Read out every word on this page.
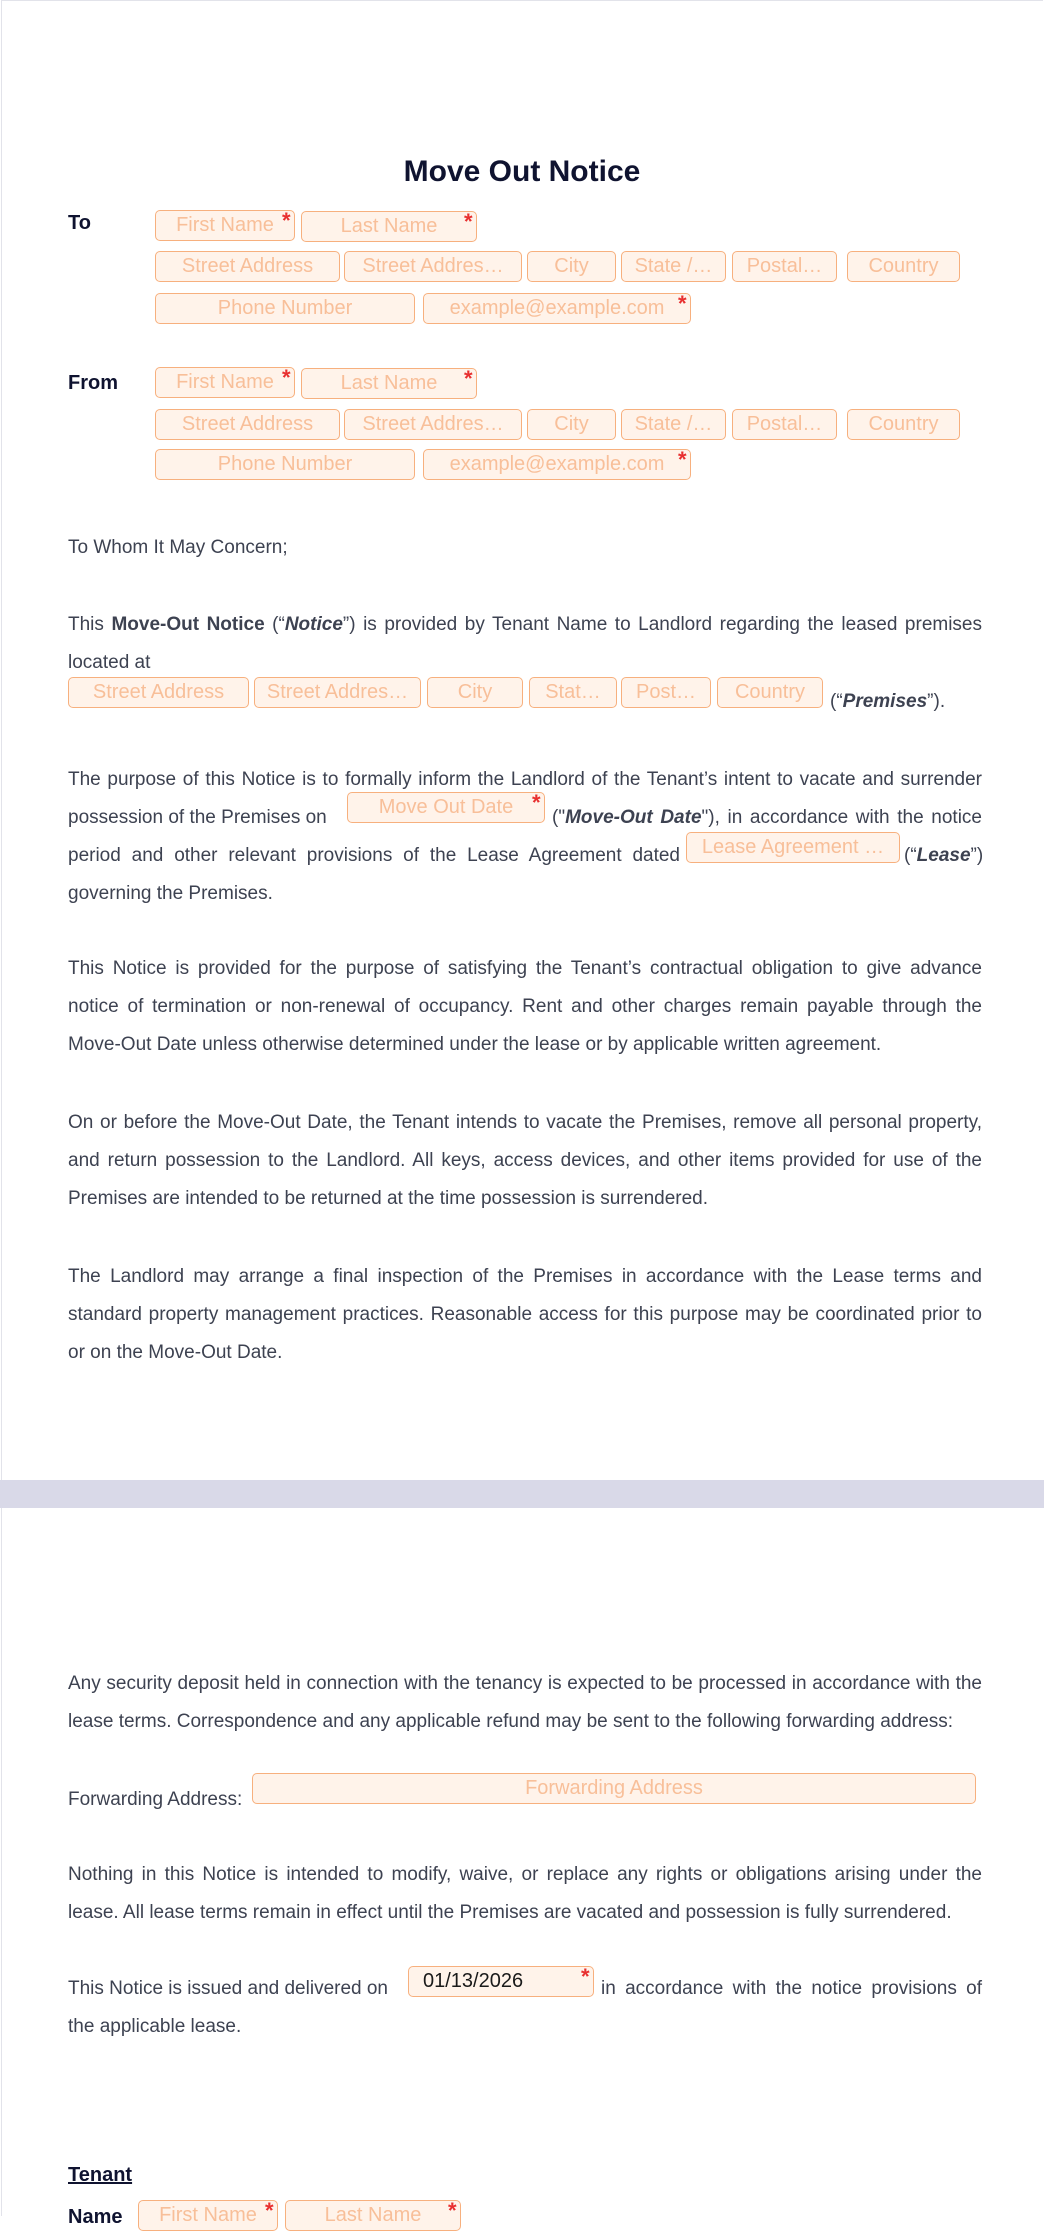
Move Out Notice
To	First Name *	Last Name	*
Street Address	Street Addres…	City	State /…	Postal…	Country
Phone Number	example@example.com *
From	First Name *	Last Name	*
Street Address	Street Addres…	City	State /…	Postal…	Country
Phone Number	example@example.com *
To Whom It May Concern;

This Move-Out Notice (“Notice”) is provided by Tenant Name to Landlord regarding the leased premises located at

Street Address	Street Addres…	City	Stat…	Post…	Country	(“Premises”).
The purpose of this Notice is to formally inform the Landlord of the Tenant’s intent to vacate and surrender
possession of the Premises on	Move Out Date *
("Move-Out Date"), in accordance with the notice
period and other relevant provisions of the Lease Agreement dated	Lease Agreement …	(“Lease”)
governing the Premises.

This Notice is provided for the purpose of satisfying the Tenant’s contractual obligation to give advance notice of termination or non-renewal of occupancy. Rent and other charges remain payable through the Move-Out Date unless otherwise determined under the lease or by applicable written agreement.

On or before the Move-Out Date, the Tenant intends to vacate the Premises, remove all personal property, and return possession to the Landlord. All keys, access devices, and other items provided for use of the Premises are intended to be returned at the time possession is surrendered.

The Landlord may arrange a final inspection of the Premises in accordance with the Lease terms and standard property management practices. Reasonable access for this purpose may be coordinated prior to or on the Move-Out Date.

Any security deposit held in connection with the tenancy is expected to be processed in accordance with the lease terms. Correspondence and any applicable refund may be sent to the following forwarding address:

Forwarding Address:
Forwarding Address

Nothing in this Notice is intended to modify, waive, or replace any rights or obligations arising under the lease. All lease terms remain in effect until the Premises are vacated and possession is fully surrendered.

This Notice is issued and delivered on	01/13/2026	* in accordance with the notice provisions of
the applicable lease.
Tenant
Name	First Name *	Last Name	*
